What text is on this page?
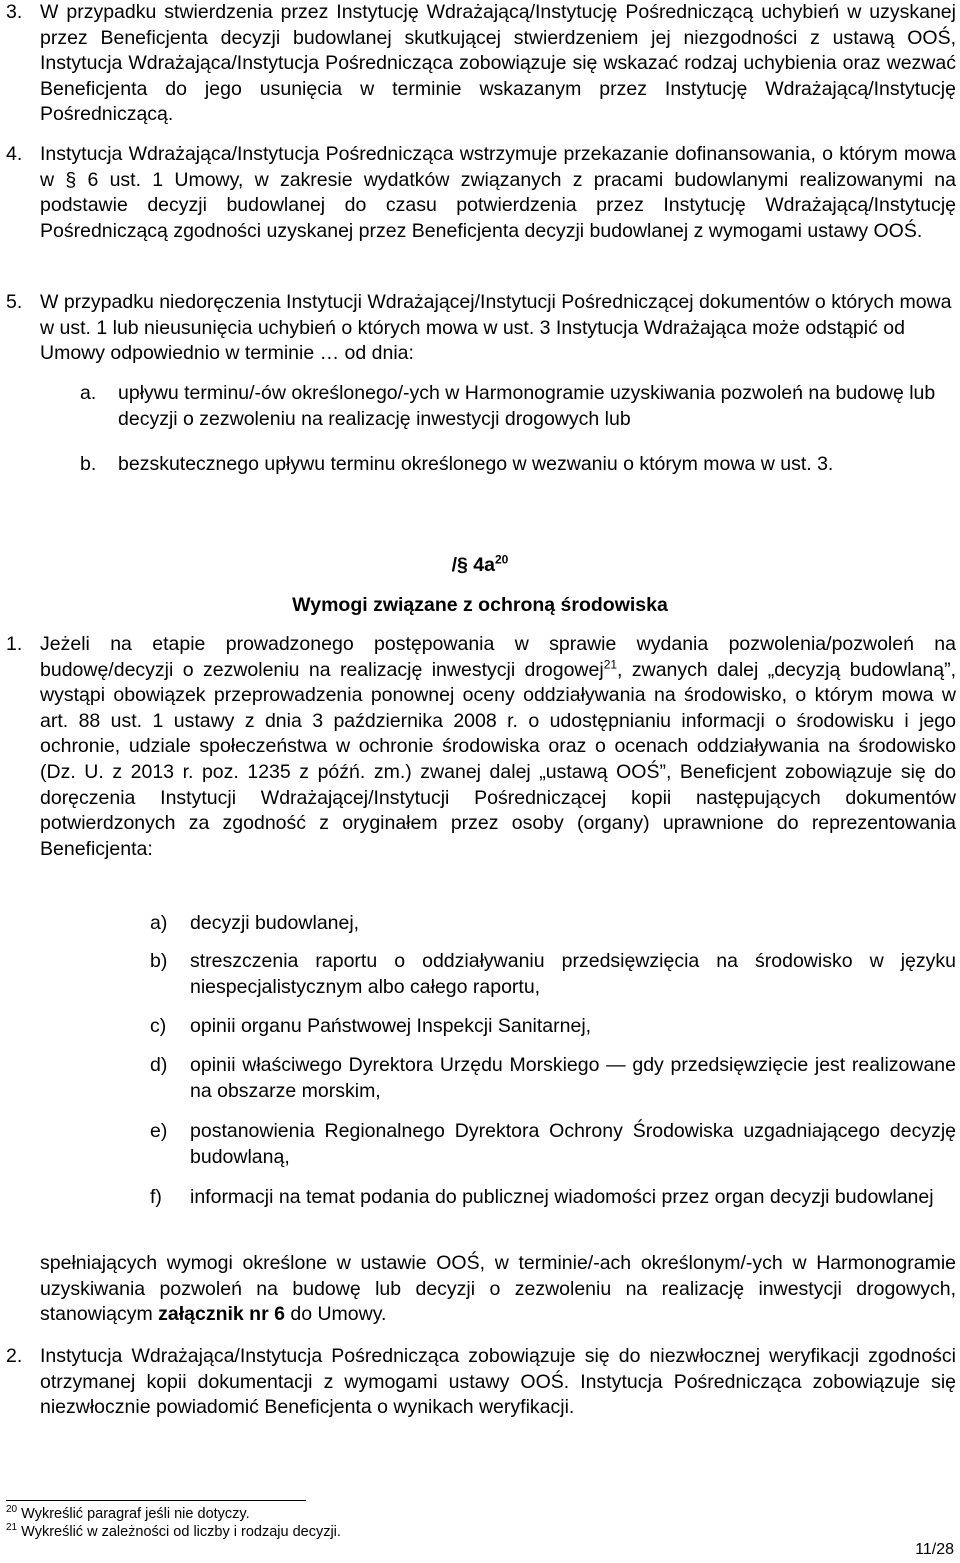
3. W przypadku stwierdzenia przez Instytucję Wdrażającą/Instytucję Pośredniczącą uchybień w uzyskanej przez Beneficjenta decyzji budowlanej skutkującej stwierdzeniem jej niezgodności z ustawą OOŚ, Instytucja Wdrażająca/Instytucja Pośrednicząca zobowiązuje się wskazać rodzaj uchybienia oraz wezwać Beneficjenta do jego usunięcia w terminie wskazanym przez Instytucję Wdrażającą/Instytucję Pośredniczącą.
4. Instytucja Wdrażająca/Instytucja Pośrednicząca wstrzymuje przekazanie dofinansowania, o którym mowa w § 6 ust. 1 Umowy, w zakresie wydatków związanych z pracami budowlanymi realizowanymi na podstawie decyzji budowlanej do czasu potwierdzenia przez Instytucję Wdrażającą/Instytucję Pośredniczącą zgodności uzyskanej przez Beneficjenta decyzji budowlanej z wymogami ustawy OOŚ.
5. W przypadku niedoręczenia Instytucji Wdrażającej/Instytucji Pośredniczącej dokumentów o których mowa w ust. 1 lub nieusunięcia uchybień o których mowa w ust. 3 Instytucja Wdrażająca może odstąpić od Umowy odpowiednio w terminie … od dnia:
a. upływu terminu/-ów określonego/-ych w Harmonogramie uzyskiwania pozwoleń na budowę lub decyzji o zezwoleniu na realizację inwestycji drogowych lub
b. bezskutecznego upływu terminu określonego w wezwaniu o którym mowa w ust. 3.
/§ $4a^{20}$
Wymogi związane z ochroną środowiska
1. Jeżeli na etapie prowadzonego postępowania w sprawie wydania pozwolenia/pozwoleń na budowę/decyzji o zezwoleniu na realizację inwestycji drogowej$^{21}$, zwanych dalej „decyzją budowlaną”, wystąpi obowiązek przeprowadzenia ponownej oceny oddziaływania na środowisko, o którym mowa w art. 88 ust. 1 ustawy z dnia 3 października 2008 r. o udostępnianiu informacji o środowisku i jego ochronie, udziale społeczeństwa w ochronie środowiska oraz o ocenach oddziaływania na środowisko (Dz. U. z 2013 r. poz. 1235 z późń. zm.) zwanej dalej „ustawą OOŚ”, Beneficjent zobowiązuje się do doręczenia Instytucji Wdrażającej/Instytucji Pośredniczącej kopii następujących dokumentów potwierdzonych za zgodność z oryginałem przez osoby (organy) uprawnione do reprezentowania Beneficjenta:
a) decyzji budowlanej,
b) streszczenia raportu o oddziaływaniu przedsięwzięcia na środowisko w języku niespecjalistycznym albo całego raportu,
c) opinii organu Państwowej Inspekcji Sanitarnej,
d) opinii właściwego Dyrektora Urzędu Morskiego — gdy przedsięwzięcie jest realizowane na obszarze morskim,
e) postanowienia Regionalnego Dyrektora Ochrony Środowiska uzgadniającego decyzję budowlaną,
f) informacji na temat podania do publicznej wiadomości przez organ decyzji budowlanej
spełniających wymogi określone w ustawie OOŚ, w terminie/-ach określonym/-ych w Harmonogramie uzyskiwania pozwoleń na budowę lub decyzji o zezwoleniu na realizację inwestycji drogowych, stanowiącym załącznik nr 6 do Umowy.
2. Instytucja Wdrażająca/Instytucja Pośrednicząca zobowiązuje się do niezwłocznej weryfikacji zgodności otrzymanej kopii dokumentacji z wymogami ustawy OOŚ. Instytucja Pośrednicząca zobowiązuje się niezwłocznie powiadomić Beneficjenta o wynikach weryfikacji.
$^{20}$ Wykreślić paragraf jeśli nie dotyczy.
$^{21}$ Wykreślić w zależności od liczby i rodzaju decyzji.
11/28
